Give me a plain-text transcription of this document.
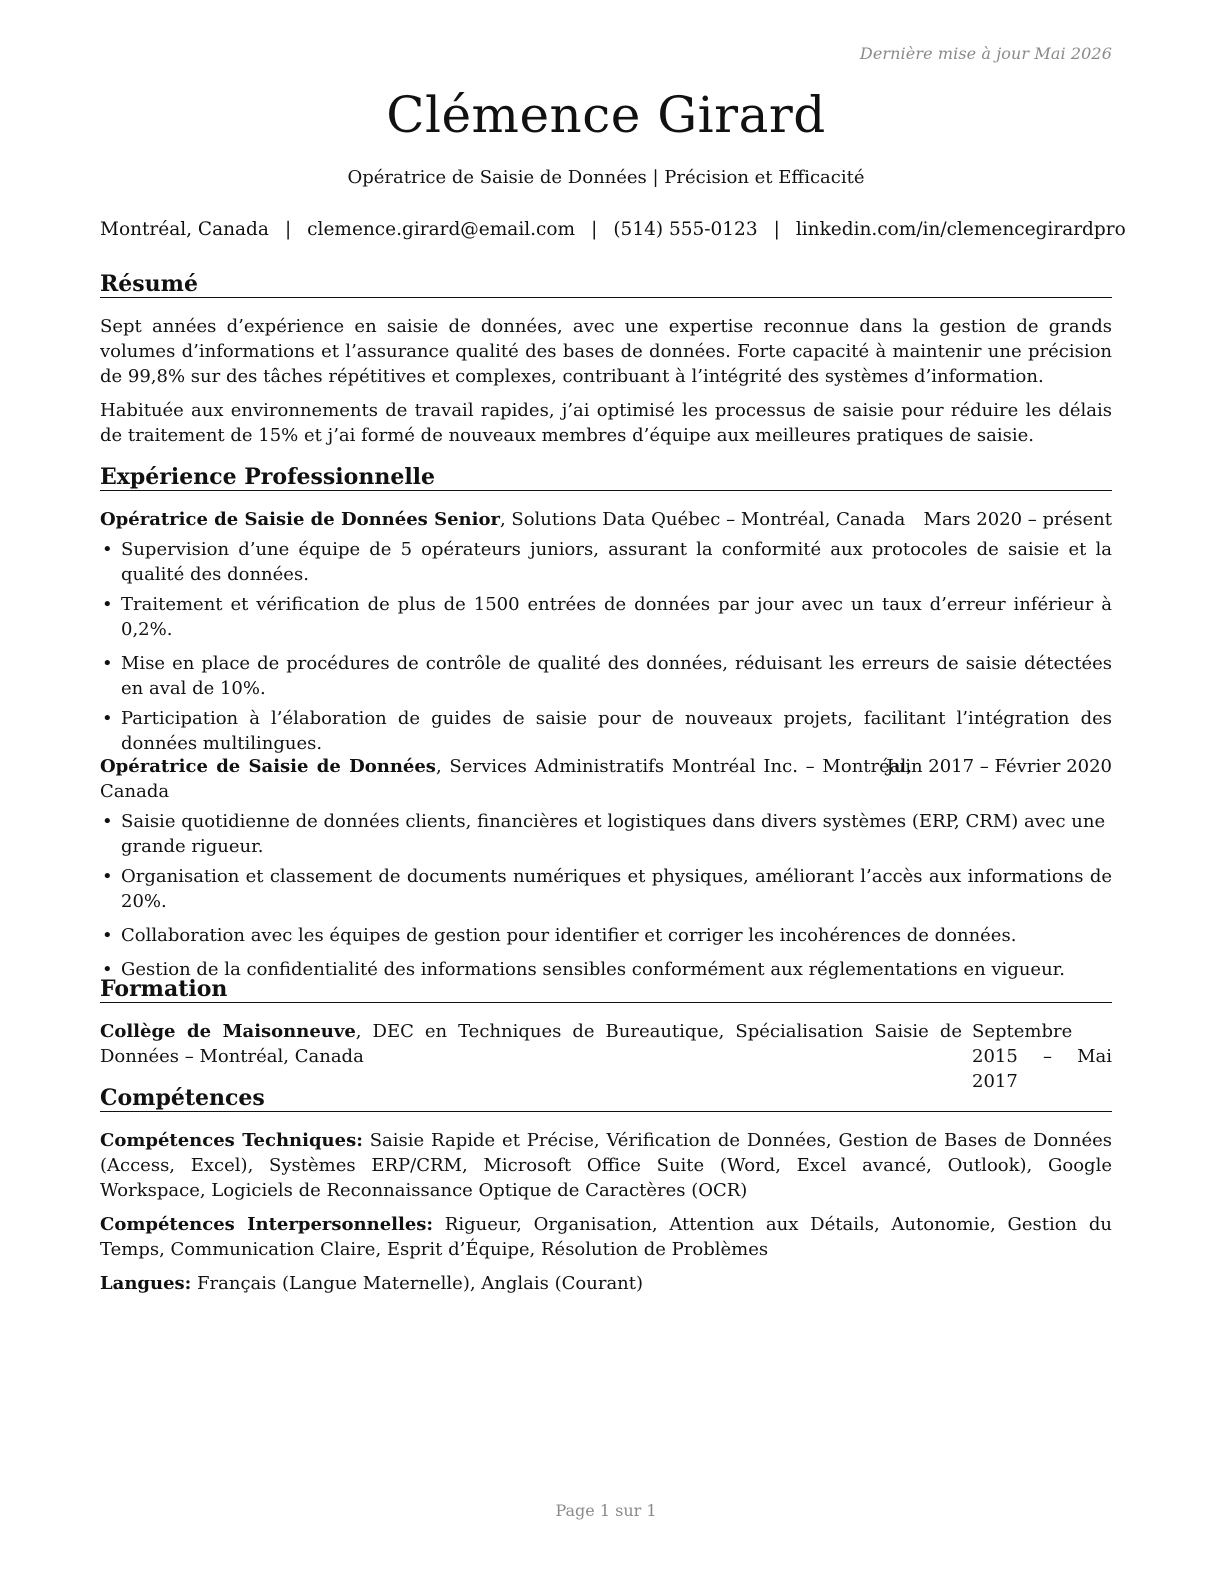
Dernière mise à jour Mai 2026
Clémence Girard
Opératrice de Saisie de Données | Précision et Efficacité
Montréal, Canada | clemence.girard@email.com | (514) 555-0123 | linkedin.com/in/clemencegirardpro
Résumé
Sept années d’expérience en saisie de données, avec une expertise reconnue dans la gestion de grands volumes d’informations et l’assurance qualité des bases de données. Forte capacité à maintenir une précision de 99,8% sur des tâches répétitives et complexes, contribuant à l’intégrité des systèmes d’information.
Habituée aux environnements de travail rapides, j’ai optimisé les processus de saisie pour réduire les délais de traitement de 15% et j’ai formé de nouveaux membres d’équipe aux meilleures pratiques de saisie.
Expérience Professionnelle
Opératrice de Saisie de Données Senior, Solutions Data Québec – Montréal, Canada	Mars 2020 – présent
• Supervision d’une équipe de 5 opérateurs juniors, assurant la conformité aux protocoles de saisie et la qualité des données.
• Traitement et vérification de plus de 1500 entrées de données par jour avec un taux d’erreur inférieur à 0,2%.
• Mise en place de procédures de contrôle de qualité des données, réduisant les erreurs de saisie détectées en aval de 10%.
• Participation à l’élaboration de guides de saisie pour de nouveaux projets, facilitant l’intégration des données multilingues.
Opératrice de Saisie de Données, Services Administratifs Montréal Inc. – Montréal, Canada
Juin 2017 – Février 2020
• Saisie quotidienne de données clients, financières et logistiques dans divers systèmes (ERP, CRM) avec une grande rigueur.
• Organisation et classement de documents numériques et physiques, améliorant l’accès aux informations de 20%.
• Collaboration avec les équipes de gestion pour identifier et corriger les incohérences de données.
• Gestion de la confidentialité des informations sensibles conformément aux réglementations en vigueur.
Formation
Collège de Maisonneuve, DEC en Techniques de Bureautique, Spécialisation Saisie de Données – Montréal, Canada
Septembre 2015 – Mai 2017
Compétences
Compétences Techniques: Saisie Rapide et Précise, Vérification de Données, Gestion de Bases de Données (Access, Excel), Systèmes ERP/CRM, Microsoft Office Suite (Word, Excel avancé, Outlook), Google Workspace, Logiciels de Reconnaissance Optique de Caractères (OCR)
Compétences Interpersonnelles: Rigueur, Organisation, Attention aux Détails, Autonomie, Gestion du Temps, Communication Claire, Esprit d’Équipe, Résolution de Problèmes
Langues: Français (Langue Maternelle), Anglais (Courant)
Page 1 sur 1
